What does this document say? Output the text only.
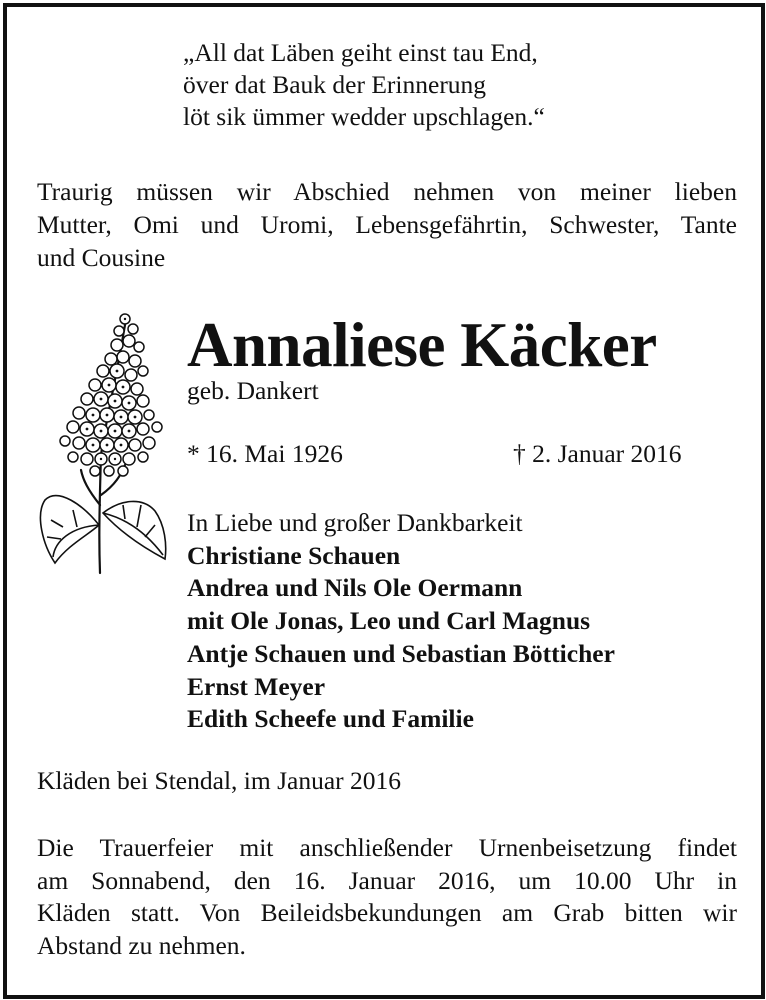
„All dat Läben geiht einst tau End,
över dat Bauk der Erinnerung
löt sik ümmer wedder upschlagen.“
Traurig müssen wir Abschied nehmen von meiner lieben
Mutter, Omi und Uromi, Lebensgefährtin, Schwester, Tante
und Cousine
Annaliese Käcker
geb. Dankert
* 16. Mai 1926	† 2. Januar 2016
In Liebe und großer Dankbarkeit
Christiane Schauen
Andrea und Nils Ole Oermann
mit Ole Jonas, Leo und Carl Magnus
Antje Schauen und Sebastian Bötticher
Ernst Meyer
Edith Scheefe und Familie
Kläden bei Stendal, im Januar 2016
Die Trauerfeier mit anschließender Urnenbeisetzung findet
am Sonnabend, den 16. Januar 2016, um 10.00 Uhr in
Kläden statt. Von Beileidsbekundungen am Grab bitten wir
Abstand zu nehmen.
